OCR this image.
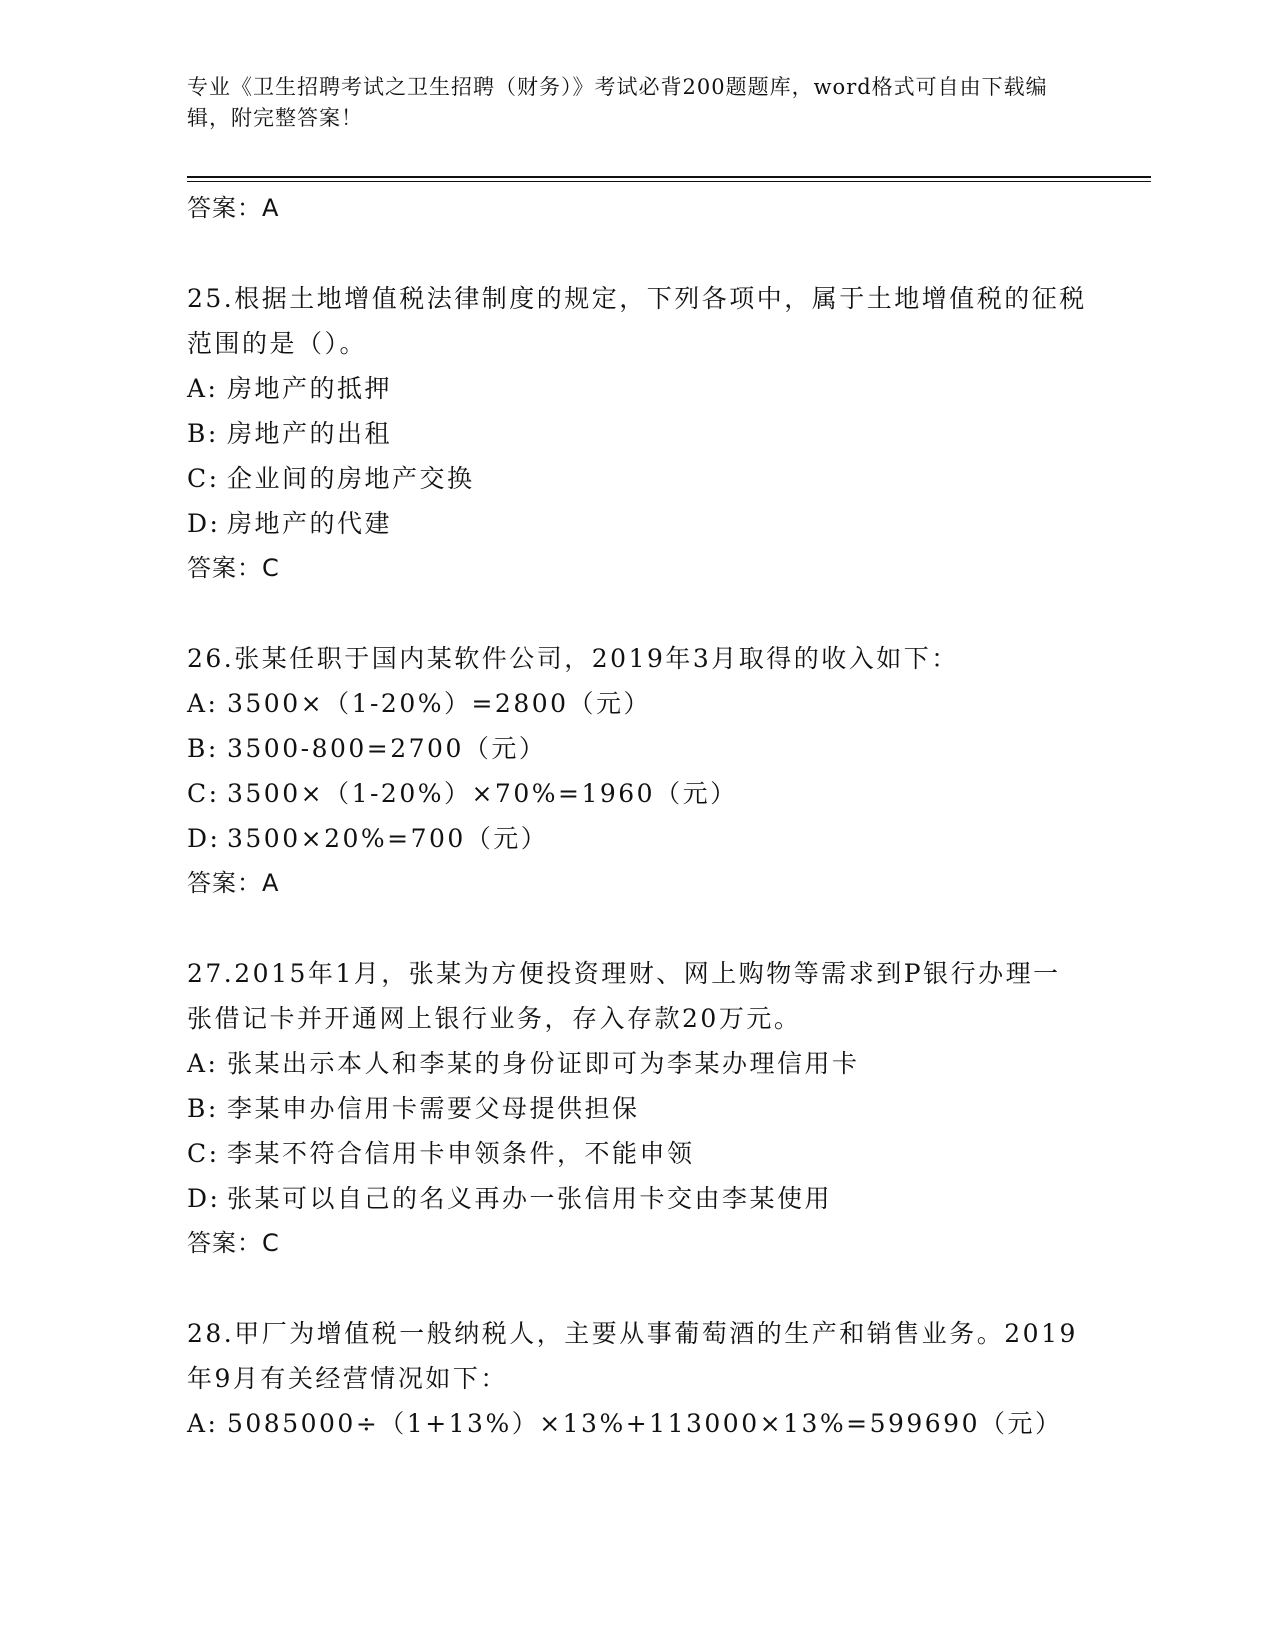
专业《卫生招聘考试之卫生招聘（财务）》考试必背200题题库，word格式可自由下载编辑，附完整答案！
答案：A
25.根据土地增值税法律制度的规定，下列各项中，属于土地增值税的征税范围的是（）。
A: 房地产的抵押
B: 房地产的出租
C: 企业间的房地产交换
D: 房地产的代建
答案：C
26.张某任职于国内某软件公司，2019年3月取得的收入如下：
A: 3500×（1-20%）=2800（元）
B: 3500-800=2700（元）
C: 3500×（1-20%）×70%=1960（元）
D: 3500×20%=700（元）
答案：A
27.2015年1月，张某为方便投资理财、网上购物等需求到P银行办理一张借记卡并开通网上银行业务，存入存款20万元。
A: 张某出示本人和李某的身份证即可为李某办理信用卡
B: 李某申办信用卡需要父母提供担保
C: 李某不符合信用卡申领条件，不能申领
D: 张某可以自己的名义再办一张信用卡交由李某使用
答案：C
28.甲厂为增值税一般纳税人，主要从事葡萄酒的生产和销售业务。2019年9月有关经营情况如下：
A: 5085000÷（1+13%）×13%+113000×13%=599690（元）
